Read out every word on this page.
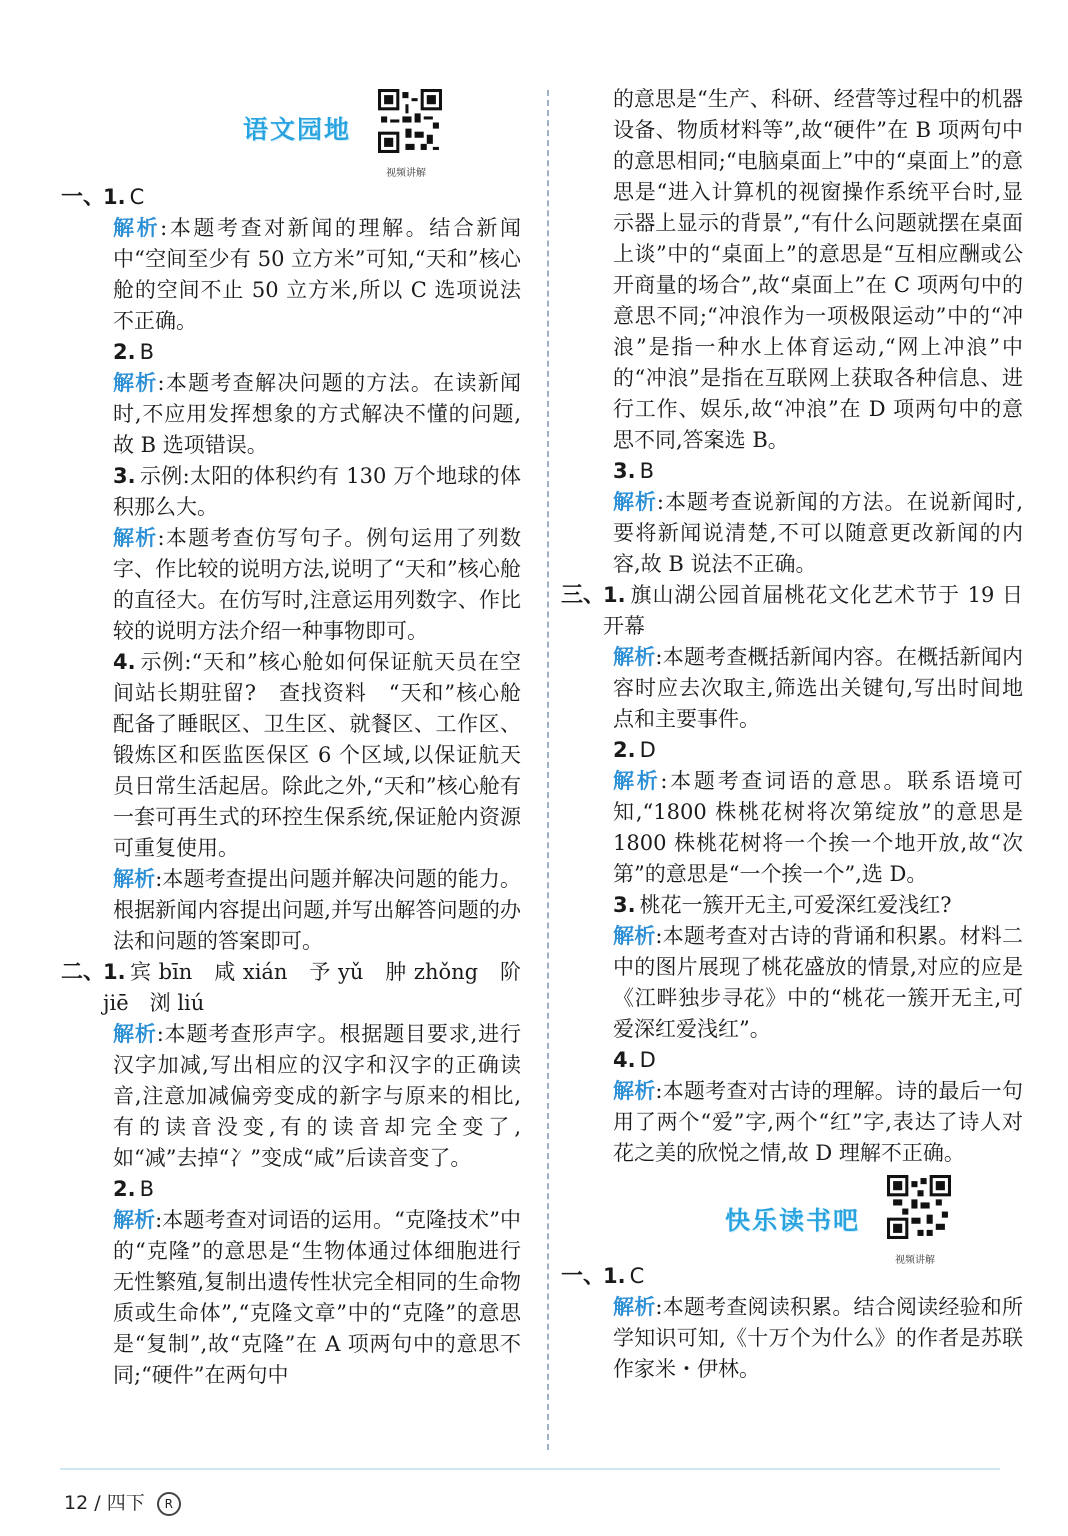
语文园地
视频讲解
一、

1. C

解析:本题考查对新闻的理解。结合新闻中“空间至少有 50 立方米”可知,“天和”核心舱的空间不止 50 立方米,所以 C 选项说法不正确。

2. B

解析:本题考查解决问题的方法。在读新闻时,不应用发挥想象的方式解决不懂的问题,故 B 选项错误。

3. 示例:太阳的体积约有 130 万个地球的体积那么大。

解析:本题考查仿写句子。例句运用了列数字、作比较的说明方法,说明了“天和”核心舱的直径大。在仿写时,注意运用列数字、作比较的说明方法介绍一种事物即可。

4. 示例:“天和”核心舱如何保证航天员在空间站长期驻留?　查找资料　“天和”核心舱配备了睡眠区、卫生区、就餐区、工作区、锻炼区和医监医保区 6 个区域,以保证航天员日常生活起居。除此之外,“天和”核心舱有一套可再生式的环控生保系统,保证舱内资源可重复使用。

解析:本题考查提出问题并解决问题的能力。根据新闻内容提出问题,并写出解答问题的办法和问题的答案即可。

二、

1. 宾 bīn　咸 xián　予 yǔ　肿 zhǒng　阶 jiē　浏 liú

解析:本题考查形声字。根据题目要求,进行汉字加减,写出相应的汉字和汉字的正确读音,注意加减偏旁变成的新字与原来的相比,有的读音没变,有的读音却完全变了,如“减”去掉“冫”变成“咸”后读音变了。

2. B

解析:本题考查对词语的运用。“克隆技术”中的“克隆”的意思是“生物体通过体细胞进行无性繁殖,复制出遗传性状完全相同的生命物质或生命体”,“克隆文章”中的“克隆”的意思是“复制”,故“克隆”在 A 项两句中的意思不同;“硬件”在两句中

的意思是“生产、科研、经营等过程中的机器设备、物质材料等”,故“硬件”在 B 项两句中的意思相同;“电脑桌面上”中的“桌面上”的意思是“进入计算机的视窗操作系统平台时,显示器上显示的背景”,“有什么问题就摆在桌面上谈”中的“桌面上”的意思是“互相应酬或公开商量的场合”,故“桌面上”在 C 项两句中的意思不同;“冲浪作为一项极限运动”中的“冲浪”是指一种水上体育运动,“网上冲浪”中的“冲浪”是指在互联网上获取各种信息、进行工作、娱乐,故“冲浪”在 D 项两句中的意思不同,答案选 B。

3. B

解析:本题考查说新闻的方法。在说新闻时,要将新闻说清楚,不可以随意更改新闻的内容,故 B 说法不正确。

三、

1. 旗山湖公园首届桃花文化艺术节于 19 日开幕

解析:本题考查概括新闻内容。在概括新闻内容时应去次取主,筛选出关键句,写出时间地点和主要事件。

2. D

解析:本题考查词语的意思。联系语境可知,“1800 株桃花树将次第绽放”的意思是 1800 株桃花树将一个挨一个地开放,故“次第”的意思是“一个挨一个”,选 D。

3. 桃花一簇开无主,可爱深红爱浅红?

解析:本题考查对古诗的背诵和积累。材料二中的图片展现了桃花盛放的情景,对应的应是《江畔独步寻花》中的“桃花一簇开无主,可爱深红爱浅红”。

4. D

解析:本题考查对古诗的理解。诗的最后一句用了两个“爱”字,两个“红”字,表达了诗人对花之美的欣悦之情,故 D 理解不正确。

快乐读书吧
视频讲解
一、

1. C

解析:本题考查阅读积累。结合阅读经验和所学知识可知,《十万个为什么》的作者是苏联作家米・伊林。

12 / 四下 R
